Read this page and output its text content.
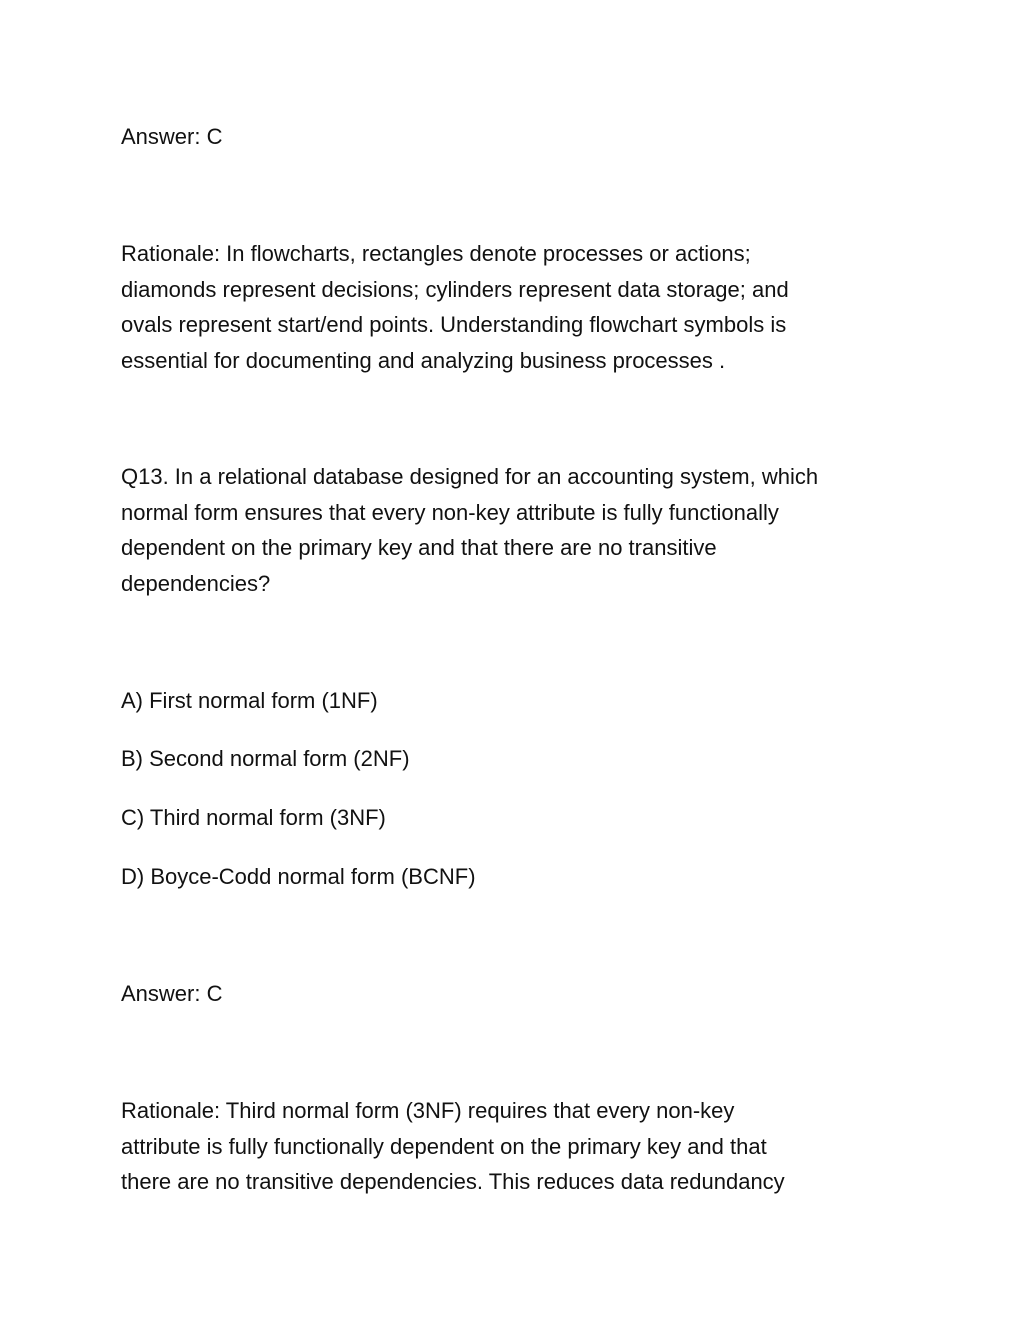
Answer: C
Rationale: In flowcharts, rectangles denote processes or actions;
diamonds represent decisions; cylinders represent data storage; and
ovals represent start/end points. Understanding flowchart symbols is
essential for documenting and analyzing business processes .
Q13. In a relational database designed for an accounting system, which
normal form ensures that every non-key attribute is fully functionally
dependent on the primary key and that there are no transitive
dependencies?
A) First normal form (1NF)
B) Second normal form (2NF)
C) Third normal form (3NF)
D) Boyce-Codd normal form (BCNF)
Answer: C
Rationale: Third normal form (3NF) requires that every non-key
attribute is fully functionally dependent on the primary key and that
there are no transitive dependencies. This reduces data redundancy
